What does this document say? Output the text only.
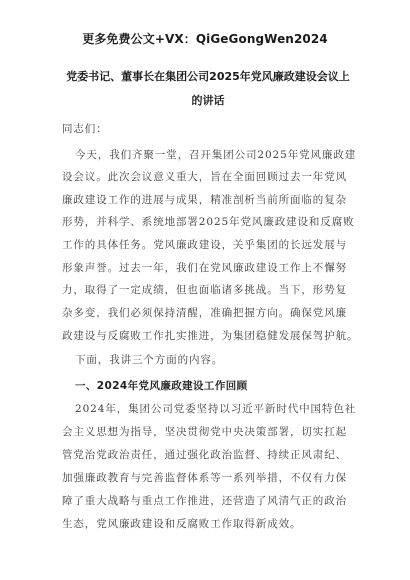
更多免费公文+VX：QiGeGongWen2024
党委书记、董事长在集团公司2025年党风廉政建设会议上
的讲话
同志们：
今天，我们齐聚一堂，召开集团公司2025年党风廉政建
设会议。此次会议意义重大，旨在全面回顾过去一年党风
廉政建设工作的进展与成果，精准剖析当前所面临的复杂
形势，并科学、系统地部署2025年党风廉政建设和反腐败
工作的具体任务。党风廉政建设，关乎集团的长远发展与
形象声誉。过去一年，我们在党风廉政建设工作上不懈努
力，取得了一定成绩，但也面临诸多挑战。当下，形势复
杂多变，我们必须保持清醒，准确把握方向。确保党风廉
政建设与反腐败工作扎实推进，为集团稳健发展保驾护航。
下面，我讲三个方面的内容。
一、2024年党风廉政建设工作回顾
2024年，集团公司党委坚持以习近平新时代中国特色社
会主义思想为指导，坚决贯彻党中央决策部署，切实扛起
管党治党政治责任，通过强化政治监督、持续正风肃纪、
加强廉政教育与完善监督体系等一系列举措，不仅有力保
障了重大战略与重点工作推进，还营造了风清气正的政治
生态，党风廉政建设和反腐败工作取得新成效。
